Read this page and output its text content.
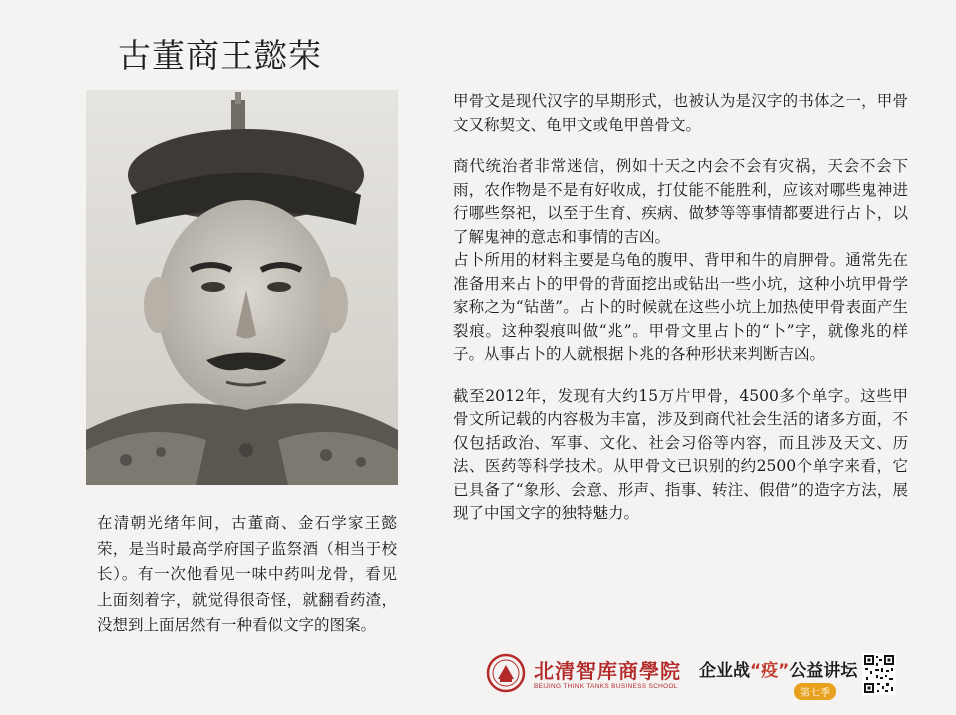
古董商王懿荣
在清朝光绪年间，古董商、金石学家王懿荣，是当时最高学府国子监祭酒（相当于校长）。有一次他看见一味中药叫龙骨，看见上面刻着字，就觉得很奇怪，就翻看药渣，没想到上面居然有一种看似文字的图案。

甲骨文是现代汉字的早期形式，也被认为是汉字的书体之一，甲骨文又称契文、龟甲文或龟甲兽骨文。

商代统治者非常迷信，例如十天之内会不会有灾祸，天会不会下雨，农作物是不是有好收成，打仗能不能胜利，应该对哪些鬼神进行哪些祭祀，以至于生育、疾病、做梦等等事情都要进行占卜，以了解鬼神的意志和事情的吉凶。

占卜所用的材料主要是乌龟的腹甲、背甲和牛的肩胛骨。通常先在准备用来占卜的甲骨的背面挖出或钻出一些小坑，这种小坑甲骨学家称之为“钻凿”。占卜的时候就在这些小坑上加热使甲骨表面产生裂痕。这种裂痕叫做“兆”。甲骨文里占卜的“卜”字，就像兆的样子。从事占卜的人就根据卜兆的各种形状来判断吉凶。

截至2012年，发现有大约15万片甲骨，4500多个单字。这些甲骨文所记载的内容极为丰富，涉及到商代社会生活的诸多方面，不仅包括政治、军事、文化、社会习俗等内容，而且涉及天文、历法、医药等科学技术。从甲骨文已识别的约2500个单字来看，它已具备了“象形、会意、形声、指事、转注、假借”的造字方法，展现了中国文字的独特魅力。

北清智库商學院
BEIJING THINK TANKS BUSINESS SCHOOL
企业战“疫”公益讲坛
第七季
